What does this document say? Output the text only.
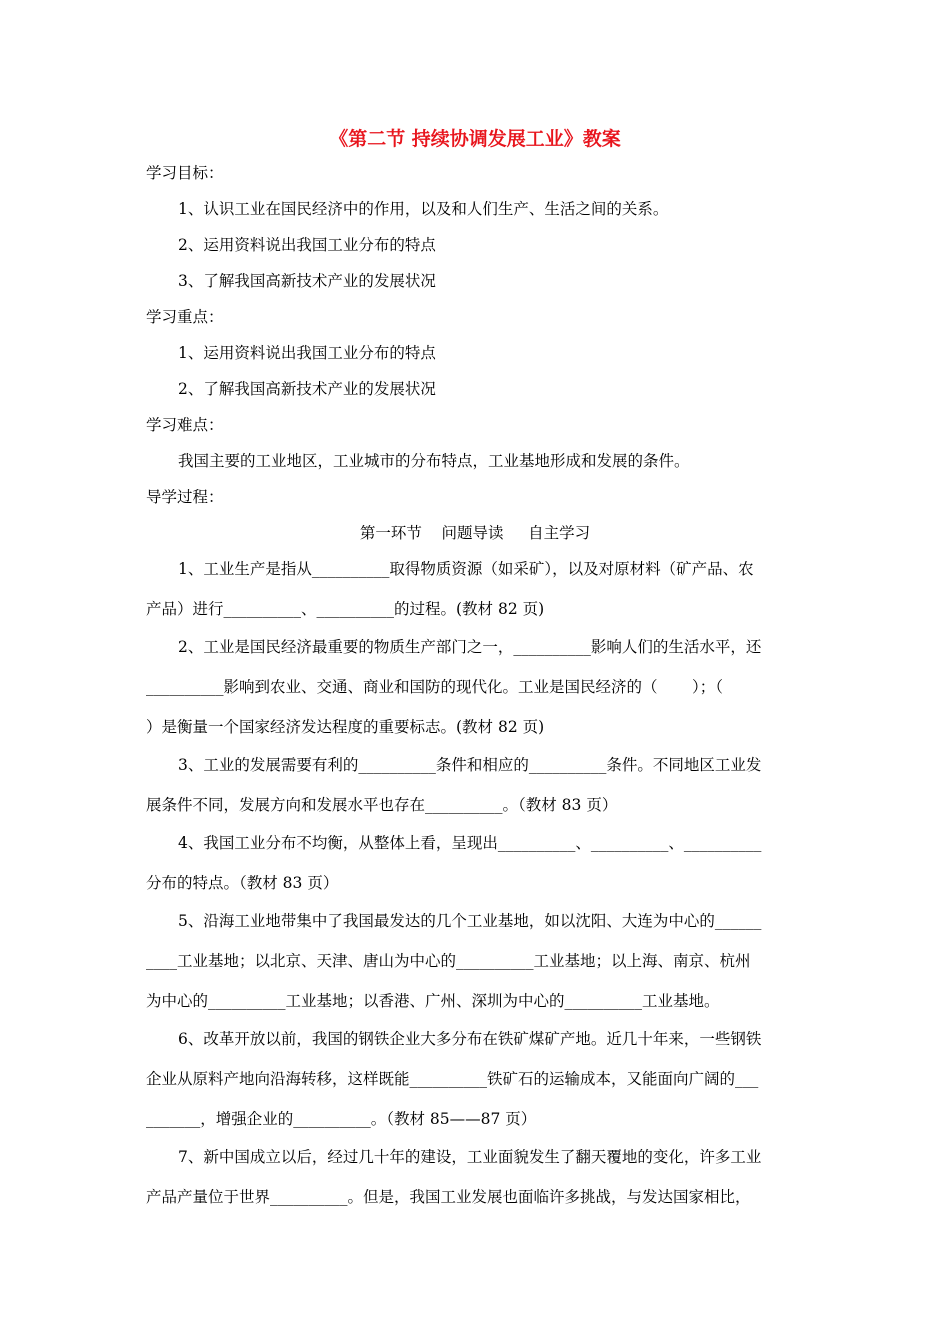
《第二节 持续协调发展工业》教案
学习目标：
1、认识工业在国民经济中的作用，以及和人们生产、生活之间的关系。
2、运用资料说出我国工业分布的特点
3、了解我国高新技术产业的发展状况
学习重点：
1、运用资料说出我国工业分布的特点
2、了解我国高新技术产业的发展状况
学习难点：
我国主要的工业地区，工业城市的分布特点，工业基地形成和发展的条件。
导学过程：
第一环节    问题导读     自主学习
1、工业生产是指从__________取得物质资源（如采矿），以及对原材料（矿产品、农
产品）进行__________、__________的过程。(教材 82 页)
2、工业是国民经济最重要的物质生产部门之一，__________影响人们的生活水平，还
__________影响到农业、交通、商业和国防的现代化。工业是国民经济的（       ）；（
）是衡量一个国家经济发达程度的重要标志。(教材 82 页)
3、工业的发展需要有利的__________条件和相应的__________条件。不同地区工业发
展条件不同，发展方向和发展水平也存在__________。（教材 83 页）
4、我国工业分布不均衡，从整体上看，呈现出__________、__________、__________
分布的特点。（教材 83 页）
5、沿海工业地带集中了我国最发达的几个工业基地，如以沈阳、大连为中心的______
____工业基地；以北京、天津、唐山为中心的__________工业基地；以上海、南京、杭州
为中心的__________工业基地；以香港、广州、深圳为中心的__________工业基地。
6、改革开放以前，我国的钢铁企业大多分布在铁矿煤矿产地。近几十年来，一些钢铁
企业从原料产地向沿海转移，这样既能__________铁矿石的运输成本，又能面向广阔的___
_______，增强企业的__________。（教材 85——87 页）
7、新中国成立以后，经过几十年的建设，工业面貌发生了翻天覆地的变化，许多工业
产品产量位于世界__________。但是，我国工业发展也面临许多挑战，与发达国家相比，
